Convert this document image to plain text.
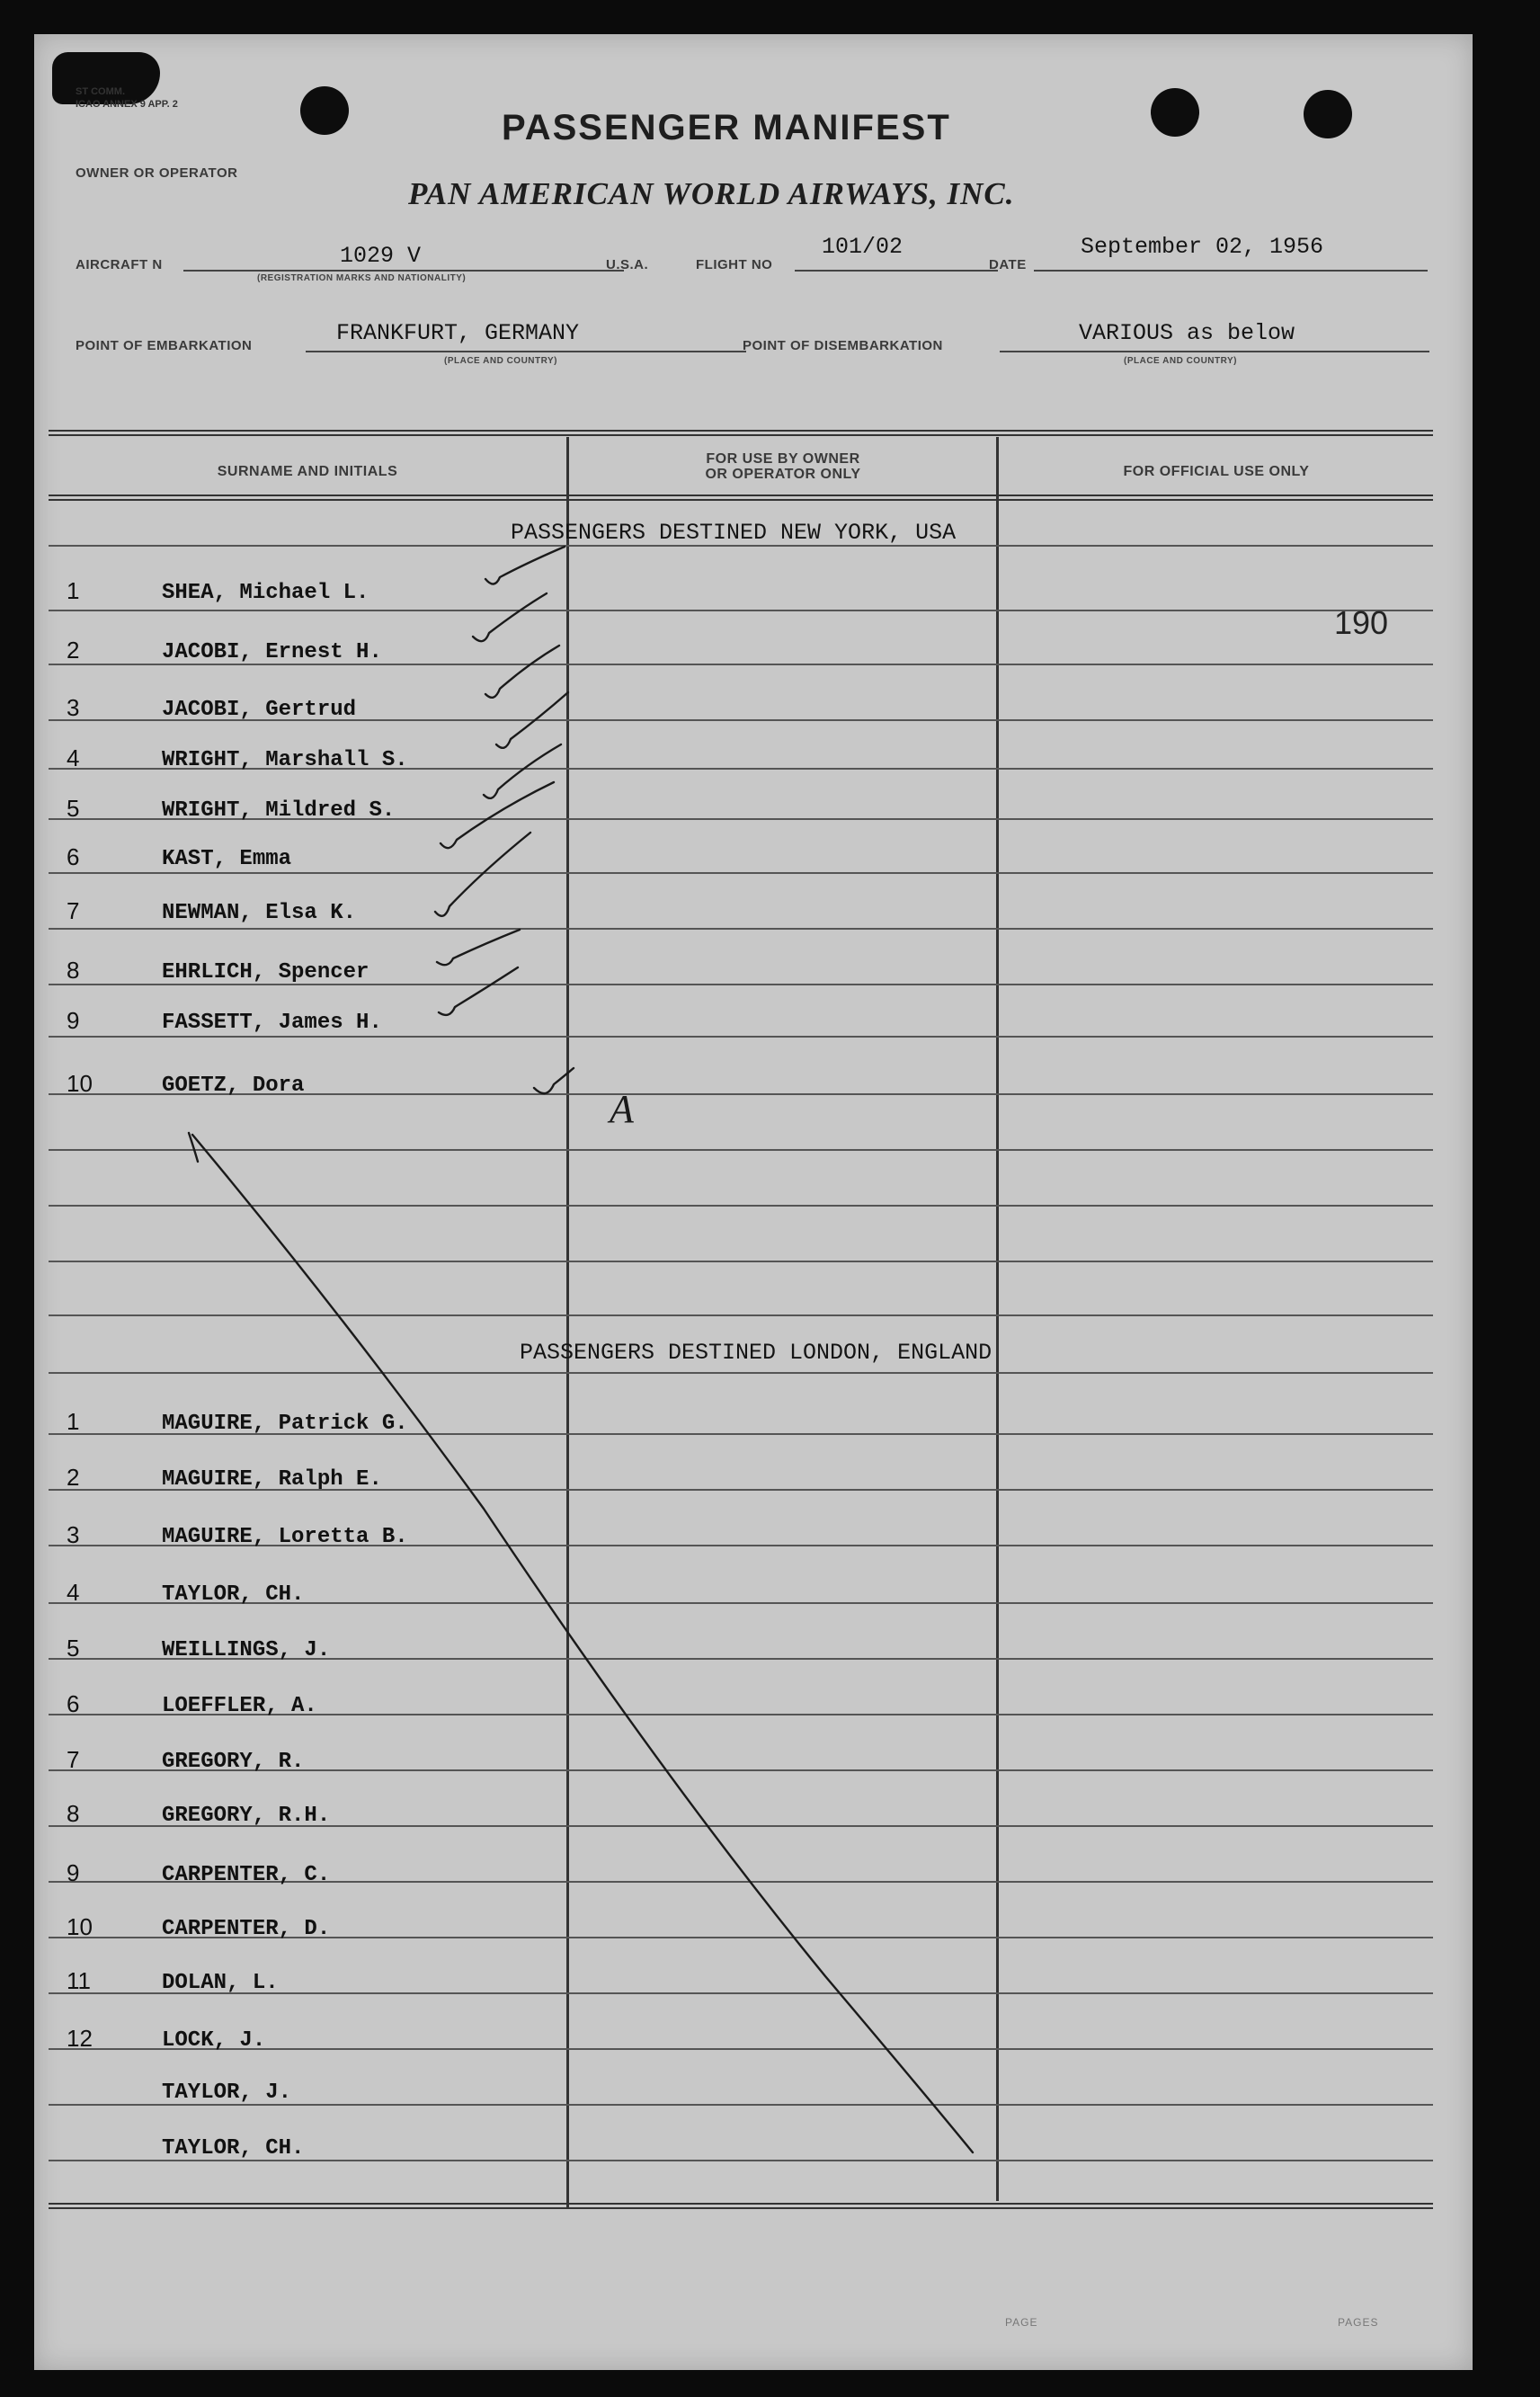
ST COMM.
ICAO ANNEX 9 APP. 2
PASSENGER MANIFEST
OWNER OR OPERATOR
PAN AMERICAN WORLD AIRWAYS, INC.
AIRCRAFT N	1029 V
(REGISTRATION MARKS AND NATIONALITY)
U.S.A.	FLIGHT NO
101/02
DATE
September 02, 1956
POINT OF EMBARKATION	FRANKFURT, GERMANY
(PLACE AND COUNTRY)
POINT OF DISEMBARKATION	VARIOUS as below
(PLACE AND COUNTRY)
SURNAME AND INITIALS
FOR USE BY OWNER
OR OPERATOR ONLY	FOR OFFICIAL USE ONLY
PASSENGERS DESTINED NEW YORK, USA
1	SHEA, Michael L.
2	JACOBI, Ernest H.
3	JACOBI, Gertrud
4	WRIGHT, Marshall S.
5	WRIGHT, Mildred S.
6	KAST, Emma
7	NEWMAN, Elsa K.
8	EHRLICH, Spencer
9	FASSETT, James H.
10	GOETZ, Dora
PASSENGERS DESTINED LONDON, ENGLAND
1	MAGUIRE, Patrick G.
2	MAGUIRE, Ralph E.
3	MAGUIRE, Loretta B.
4	TAYLOR, CH.
5	WEILLINGS, J.
6	LOEFFLER, A.
7	GREGORY, R.
8	GREGORY, R.H.
9	CARPENTER, C.
10	CARPENTER, D.
11	DOLAN, L.
12	LOCK, J.
TAYLOR, J.
TAYLOR, CH.
190
A
PAGE	PAGES
